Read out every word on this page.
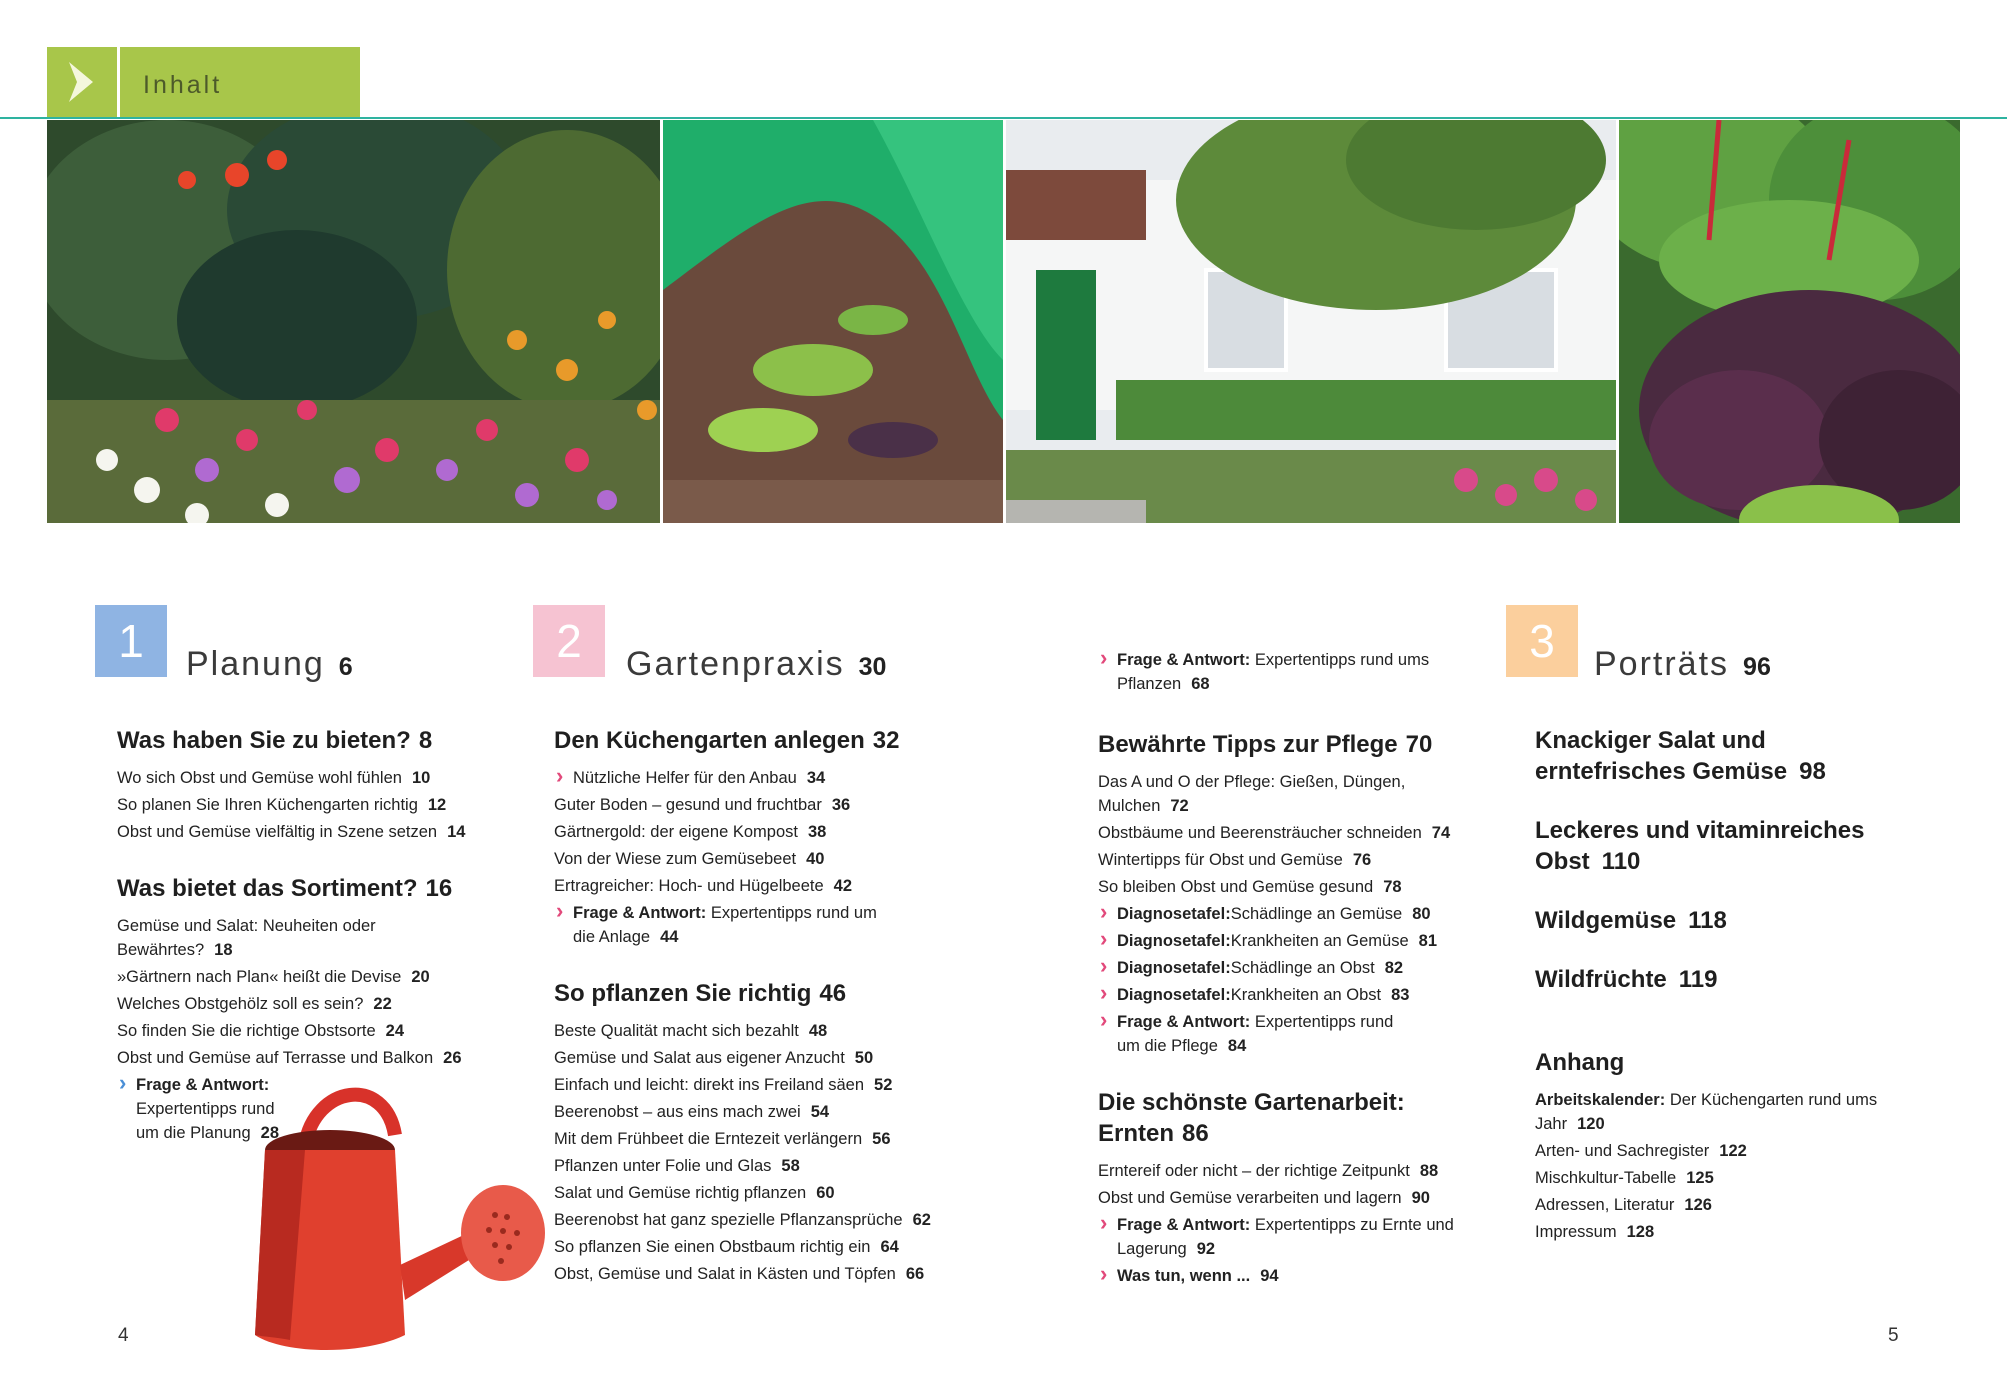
Inhalt
1 Planung 6	2 Gartenpraxis 30	3 Porträts 96
Was haben Sie zu bieten? 8
Wo sich Obst und Gemüse wohl fühlen 10
So planen Sie Ihren Küchengarten richtig 12
Obst und Gemüse vielfältig in Szene setzen 14
Was bietet das Sortiment? 16
Gemüse und Salat: Neuheiten oder Bewährtes? 18
»Gärtnern nach Plan« heißt die Devise 20
Welches Obstgehölz soll es sein? 22
So finden Sie die richtige Obstsorte 24
Obst und Gemüse auf Terrasse und Balkon 26
› Frage & Antwort: Expertentipps rund um die Planung 28
Den Küchengarten anlegen 32
› Nützliche Helfer für den Anbau 34
Guter Boden – gesund und fruchtbar 36
Gärtnergold: der eigene Kompost 38
Von der Wiese zum Gemüsebeet 40
Ertragreicher: Hoch- und Hügelbeete 42
› Frage & Antwort: Expertentipps rund um die Anlage 44
So pflanzen Sie richtig 46
Beste Qualität macht sich bezahlt 48
Gemüse und Salat aus eigener Anzucht 50
Einfach und leicht: direkt ins Freiland säen 52
Beerenobst – aus eins mach zwei 54
Mit dem Frühbeet die Erntezeit verlängern 56
Pflanzen unter Folie und Glas 58
Salat und Gemüse richtig pflanzen 60
Beerenobst hat ganz spezielle Pflanzansprüche 62
So pflanzen Sie einen Obstbaum richtig ein 64
Obst, Gemüse und Salat in Kästen und Töpfen 66
› Frage & Antwort: Expertentipps rund ums Pflanzen 68
Bewährte Tipps zur Pflege 70
Das A und O der Pflege: Gießen, Düngen, Mulchen 72
Obstbäume und Beerensträucher schneiden 74
Wintertipps für Obst und Gemüse 76
So bleiben Obst und Gemüse gesund 78
› Diagnosetafel:Schädlinge an Gemüse 80
› Diagnosetafel:Krankheiten an Gemüse 81
› Diagnosetafel:Schädlinge an Obst 82
› Diagnosetafel:Krankheiten an Obst 83
› Frage & Antwort: Expertentipps rund um die Pflege 84
Die schönste Gartenarbeit: Ernten 86
Erntereif oder nicht – der richtige Zeitpunkt 88
Obst und Gemüse verarbeiten und lagern 90
› Frage & Antwort: Expertentipps zu Ernte und Lagerung 92
› Was tun, wenn ... 94
Knackiger Salat und erntefrisches Gemüse 98
Leckeres und vitaminreiches Obst 110
Wildgemüse 118
Wildfrüchte 119
Anhang
Arbeitskalender: Der Küchengarten rund ums Jahr 120
Arten- und Sachregister 122
Mischkultur-Tabelle 125
Adressen, Literatur 126
Impressum 128
4	5
